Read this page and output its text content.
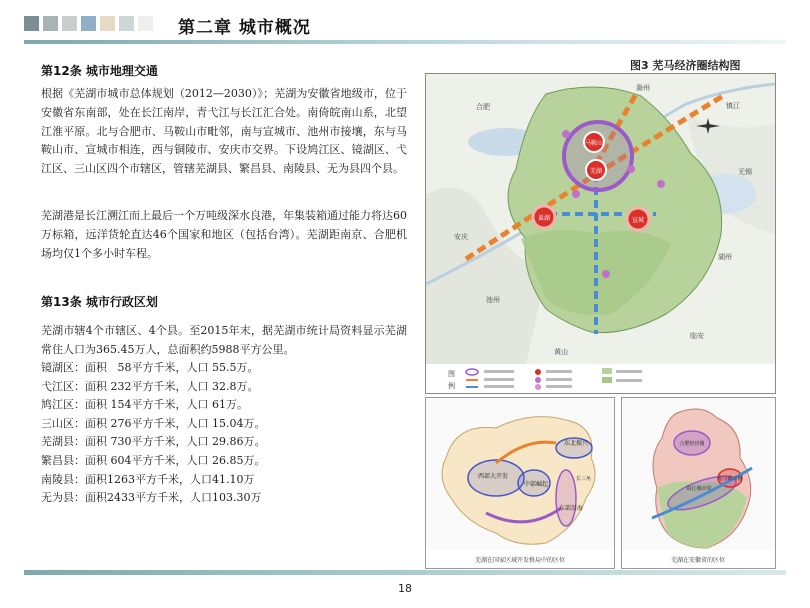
第二章 城市概况
第12条 城市地理交通
根据《芜湖市城市总体规划（2012—2030）》；芜湖为安徽省地级市，位于安徽省东南部，处在长江南岸，青弋江与长江汇合处。南倚皖南山系，北望江淮平原。北与合肥市、马鞍山市毗邻，南与宣城市、池州市接壤，东与马鞍山市、宣城市相连，西与铜陵市、安庆市交界。下设鸠江区、镜湖区、弋江区、三山区四个市辖区，管辖芜湖县、繁昌县、南陵县、无为县四个县。
芜湖港是长江溯江而上最后一个万吨级深水良港，年集装箱通过能力将达60万标箱，远洋货轮直达46个国家和地区（包括台湾）。芜湖距南京、合肥机场均仅1个多小时车程。
第13条 城市行政区划
芜湖市辖4个市辖区、4个县。至2015年末，据芜湖市统计局资料显示芜湖常住人口为365.45万人，总面积约5988平方公里。
镜湖区：面积   58平方千米，人口 55.5万。
弋江区：面积 232平方千米，人口 32.8万。
鸠江区：面积 154平方千米，人口 61万。
三山区：面积 276平方千米，人口 15.04万。
芜湖县：面积 730平方千米，人口 29.86万。
繁昌县：面积 604平方千米，人口 26.85万。
南陵县：面积1263平方千米，人口41.10万
无为县：面积2433平方千米，人口103.30万
图3 芜马经济圈结构图
马鞍山
芜湖
巢湖	宣城
合肥
滁州
镇江
无锡
安庆
湖州
池州
黄山
临安
图
例
东北振兴
西部大开发
中部崛起
长三角
东部沿海
芜湖在国家区域开发格局中的区位
皖江城市带
合肥经济圈
芜马都市圈
芜湖在安徽省的区位
18
